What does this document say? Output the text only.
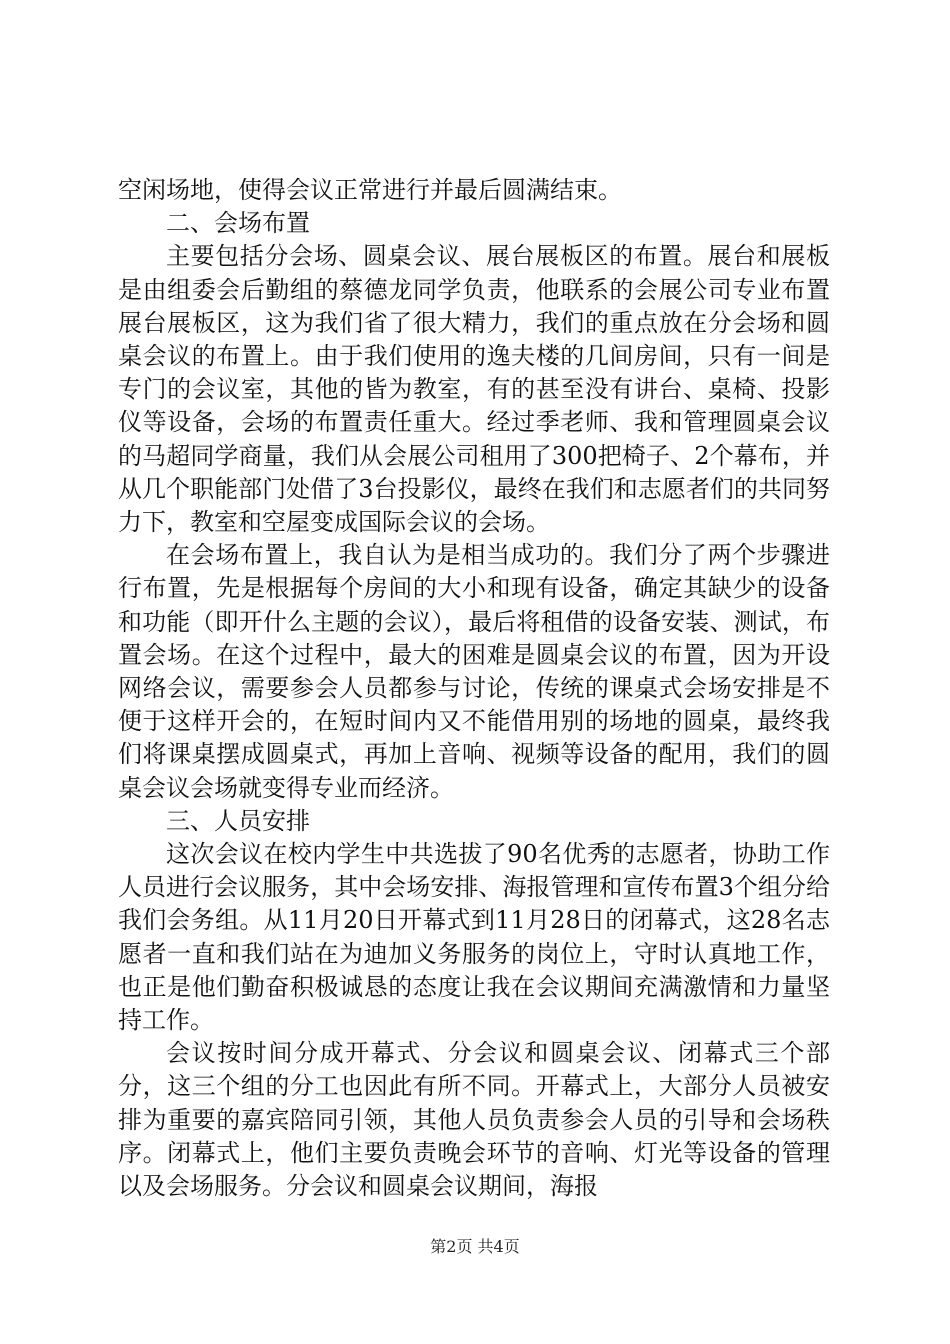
空闲场地，使得会议正常进行并最后圆满结束。

二、会场布置

主要包括分会场、圆桌会议、展台展板区的布置。展台和展板是由组委会后勤组的蔡德龙同学负责，他联系的会展公司专业布置展台展板区，这为我们省了很大精力，我们的重点放在分会场和圆桌会议的布置上。由于我们使用的逸夫楼的几间房间，只有一间是专门的会议室，其他的皆为教室，有的甚至没有讲台、桌椅、投影仪等设备，会场的布置责任重大。经过季老师、我和管理圆桌会议的马超同学商量，我们从会展公司租用了300把椅子、2个幕布，并从几个职能部门处借了3台投影仪，最终在我们和志愿者们的共同努力下，教室和空屋变成国际会议的会场。

在会场布置上，我自认为是相当成功的。我们分了两个步骤进行布置，先是根据每个房间的大小和现有设备，确定其缺少的设备和功能（即开什么主题的会议），最后将租借的设备安装、测试，布置会场。在这个过程中，最大的困难是圆桌会议的布置，因为开设网络会议，需要参会人员都参与讨论，传统的课桌式会场安排是不便于这样开会的，在短时间内又不能借用别的场地的圆桌，最终我们将课桌摆成圆桌式，再加上音响、视频等设备的配用，我们的圆桌会议会场就变得专业而经济。

三、人员安排

这次会议在校内学生中共选拔了90名优秀的志愿者，协助工作人员进行会议服务，其中会场安排、海报管理和宣传布置3个组分给我们会务组。从11月20日开幕式到11月28日的闭幕式，这28名志愿者一直和我们站在为迪加义务服务的岗位上，守时认真地工作，也正是他们勤奋积极诚恳的态度让我在会议期间充满激情和力量坚持工作。

会议按时间分成开幕式、分会议和圆桌会议、闭幕式三个部分，这三个组的分工也因此有所不同。开幕式上，大部分人员被安排为重要的嘉宾陪同引领，其他人员负责参会人员的引导和会场秩序。闭幕式上，他们主要负责晚会环节的音响、灯光等设备的管理以及会场服务。分会议和圆桌会议期间，海报

第2页 共4页
